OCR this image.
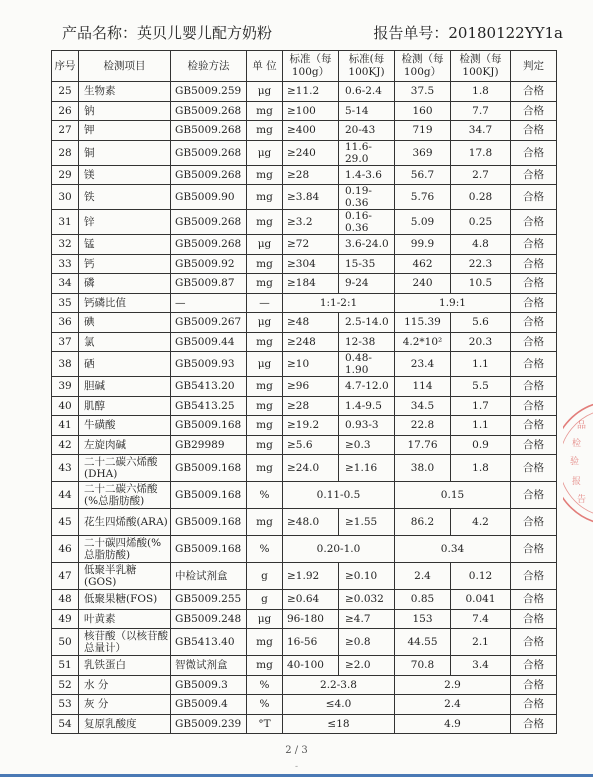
产品名称：英贝儿婴儿配方奶粉	报告单号：20180122YY1a
序号	检测项目	检验方法	单 位	标准（每100g）	标准(每100KJ)	检测（每100g）	检测（每100KJ)	判定
25	生物素	GB5009.259	μg	≥11.2	0.6-2.4	37.5	1.8	合格
26	钠	GB5009.268	mg	≥100	5-14	160	7.7	合格
27	钾	GB5009.268	mg	≥400	20-43	719	34.7	合格
28	铜	GB5009.268	μg	≥240	11.6-29.0	369	17.8	合格
29	镁	GB5009.268	mg	≥28	1.4-3.6	56.7	2.7	合格
30	铁	GB5009.90	mg	≥3.84	0.19-0.36	5.76	0.28	合格
31	锌	GB5009.268	mg	≥3.2	0.16-0.36	5.09	0.25	合格
32	锰	GB5009.268	μg	≥72	3.6-24.0	99.9	4.8	合格
33	钙	GB5009.92	mg	≥304	15-35	462	22.3	合格
34	磷	GB5009.87	mg	≥184	9-24	240	10.5	合格
35	钙磷比值	—	—	1:1-2:1		1.9:1		合格
36	碘	GB5009.267	μg	≥48	2.5-14.0	115.39	5.6	合格
37	氯	GB5009.44	mg	≥248	12-38	4.2*10²	20.3	合格
38	硒	GB5009.93	μg	≥10	0.48-1.90	23.4	1.1	合格
39	胆碱	GB5413.20	mg	≥96	4.7-12.0	114	5.5	合格
40	肌醇	GB5413.25	mg	≥28	1.4-9.5	34.5	1.7	合格
41	牛磺酸	GB5009.168	mg	≥19.2	0.93-3	22.8	1.1	合格
42	左旋肉碱	GB29989	mg	≥5.6	≥0.3	17.76	0.9	合格
43	二十二碳六烯酸(DHA)	GB5009.168	mg	≥24.0	≥1.16	38.0	1.8	合格
44	二十二碳六烯酸(%总脂肪酸)	GB5009.168	%	0.11-0.5		0.15		合格
45	花生四烯酸(ARA)	GB5009.168	mg	≥48.0	≥1.55	86.2	4.2	合格
46	二十碳四烯酸(%总脂肪酸)	GB5009.168	%	0.20-1.0		0.34		合格
47	低聚半乳糖(GOS)	中检试剂盒	g	≥1.92	≥0.10	2.4	0.12	合格
48	低聚果糖(FOS)	GB5009.255	g	≥0.64	≥0.032	0.85	0.041	合格
49	叶黄素	GB5009.248	μg	96-180	≥4.7	153	7.4	合格
50	核苷酸（以核苷酸总量计）	GB5413.40	mg	16-56	≥0.8	44.55	2.1	合格
51	乳铁蛋白	智微试剂盒	mg	40-100	≥2.0	70.8	3.4	合格
52	水 分	GB5009.3	%	2.2-3.8		2.9		合格
53	灰 分	GB5009.4	%	≤4.0		2.4		合格
54	复原乳酸度	GB5009.239	°T	≤18		4.9		合格
品
检
验
报
告
2 / 3
-
